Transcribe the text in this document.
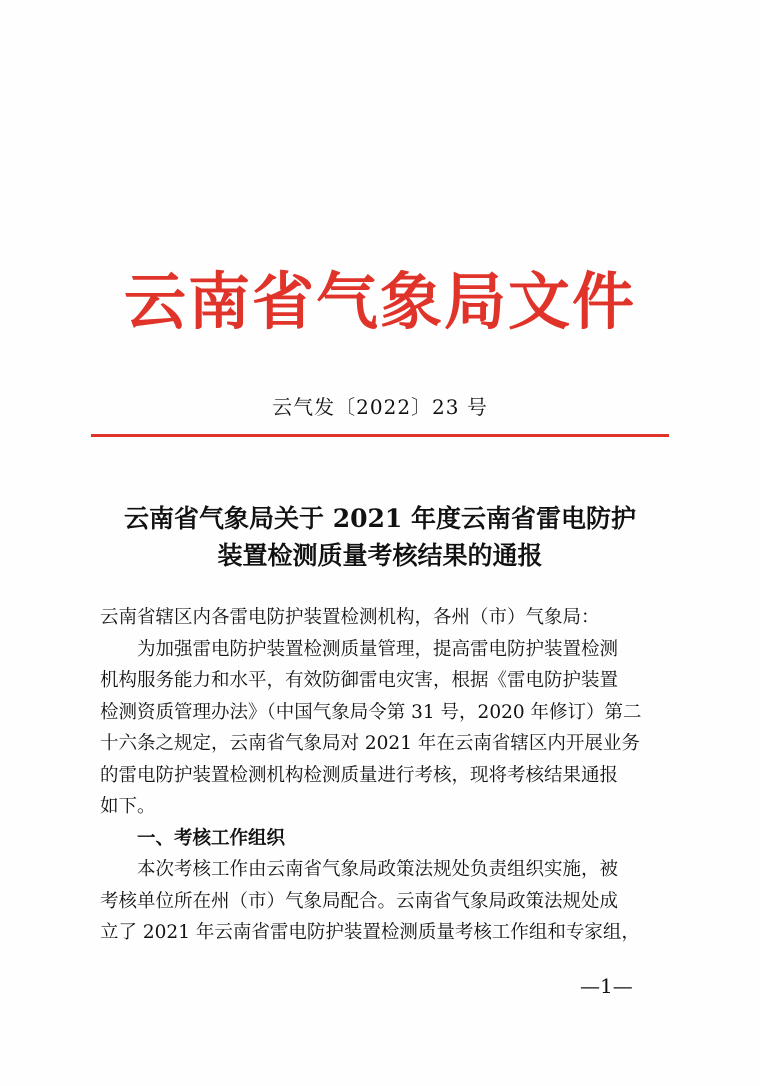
云南省气象局文件
云气发〔2022〕23 号
云南省气象局关于 2021 年度云南省雷电防护
装置检测质量考核结果的通报
云南省辖区内各雷电防护装置检测机构，各州（市）气象局：
为加强雷电防护装置检测质量管理，提高雷电防护装置检测
机构服务能力和水平，有效防御雷电灾害，根据《雷电防护装置
检测资质管理办法》（中国气象局令第 31 号，2020 年修订）第二
十六条之规定，云南省气象局对 2021 年在云南省辖区内开展业务
的雷电防护装置检测机构检测质量进行考核，现将考核结果通报
如下。
一、考核工作组织
本次考核工作由云南省气象局政策法规处负责组织实施，被
考核单位所在州（市）气象局配合。云南省气象局政策法规处成
立了 2021 年云南省雷电防护装置检测质量考核工作组和专家组，
—1—
